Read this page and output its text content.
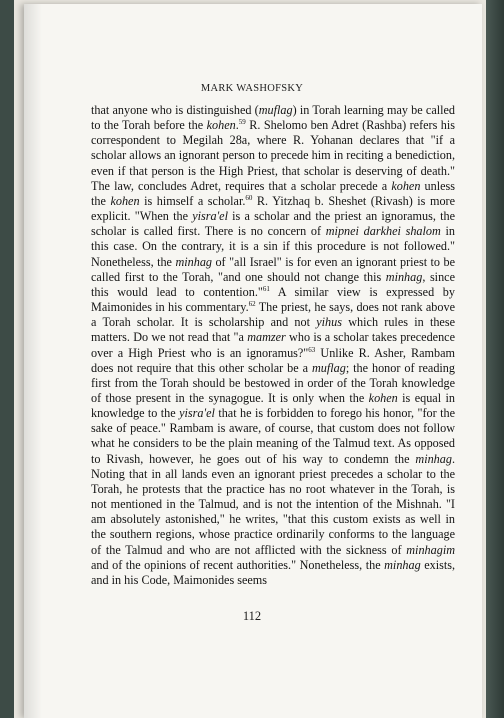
MARK WASHOFSKY

that anyone who is distinguished (muflag) in Torah learning may be called to the Torah before the kohen.$^{59}$ R. Shelomo ben Adret (Rashba) refers his correspondent to Megilah 28a, where R. Yohanan declares that "if a scholar allows an ignorant person to precede him in reciting a benediction, even if that person is the High Priest, that scholar is deserving of death." The law, concludes Adret, requires that a scholar precede a kohen unless the kohen is himself a scholar.$^{60}$ R. Yitzhaq b. Sheshet (Rivash) is more explicit. "When the yisra'el is a scholar and the priest an ignoramus, the scholar is called first. There is no concern of mipnei darkhei shalom in this case. On the contrary, it is a sin if this procedure is not followed." Nonetheless, the minhag of "all Israel" is for even an ignorant priest to be called first to the Torah, "and one should not change this minhag, since this would lead to contention."$^{61}$ A similar view is expressed by Maimonides in his commentary.$^{62}$ The priest, he says, does not rank above a Torah scholar. It is scholarship and not yihus which rules in these matters. Do we not read that "a mamzer who is a scholar takes precedence over a High Priest who is an ignoramus?"$^{63}$ Unlike R. Asher, Rambam does not require that this other scholar be a muflag; the honor of reading first from the Torah should be bestowed in order of the Torah knowledge of those present in the synagogue. It is only when the kohen is equal in knowledge to the yisra'el that he is forbidden to forego his honor, "for the sake of peace." Rambam is aware, of course, that custom does not follow what he considers to be the plain meaning of the Talmud text. As opposed to Rivash, however, he goes out of his way to condemn the minhag. Noting that in all lands even an ignorant priest precedes a scholar to the Torah, he protests that the practice has no root whatever in the Torah, is not mentioned in the Talmud, and is not the intention of the Mishnah. "I am absolutely astonished," he writes, "that this custom exists as well in the southern regions, whose practice ordinarily conforms to the language of the Talmud and who are not afflicted with the sickness of minhagim and of the opinions of recent authorities." Nonetheless, the minhag exists, and in his Code, Maimonides seems

112
